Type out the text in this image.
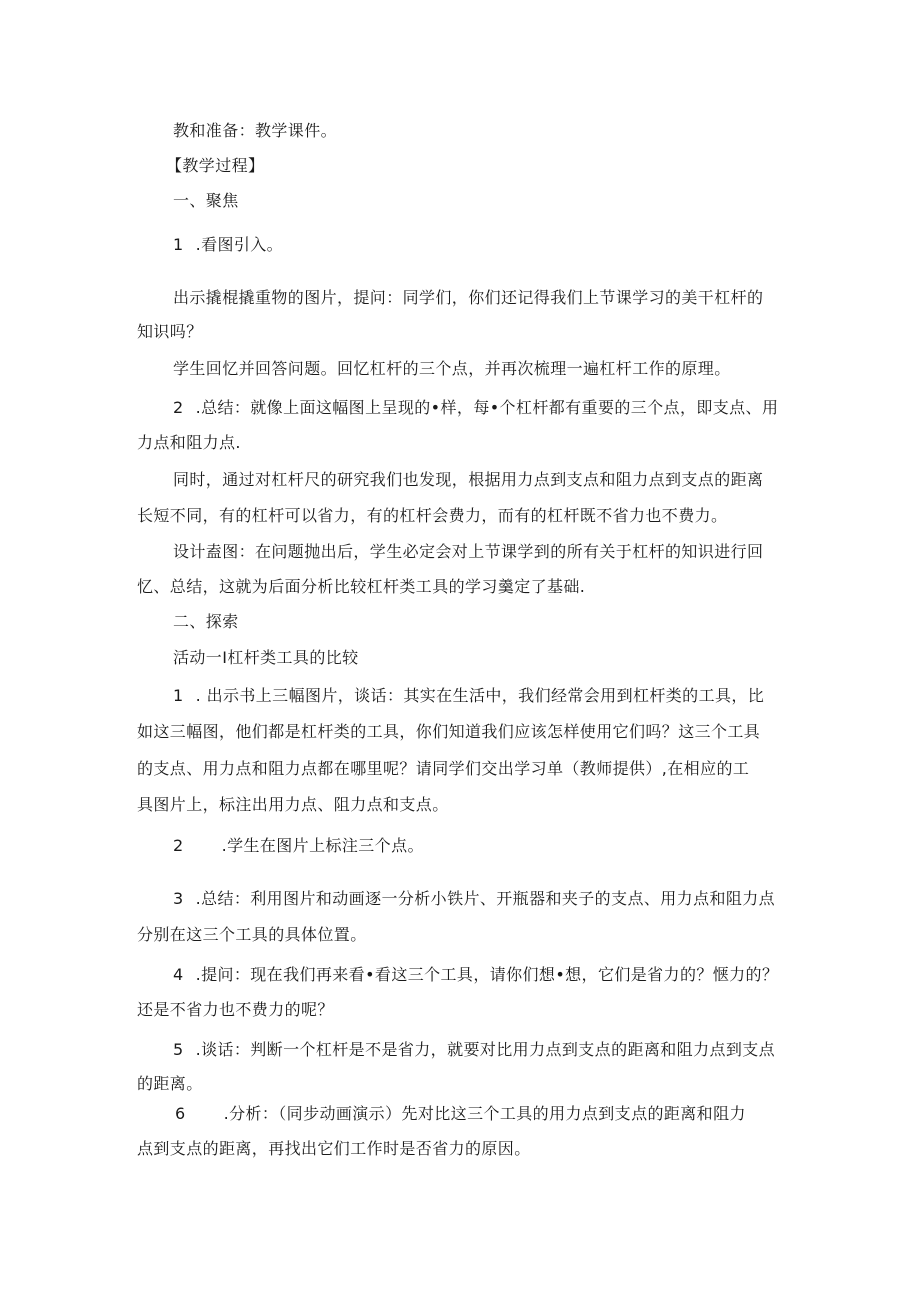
教和准备：教学课件。
【教学过程】
一、聚焦
1 .看图引入。
出示撬棍撬重物的图片，提问：同学们，你们还记得我们上节课学习的美干杠杆的
知识吗？
学生回忆并回答问题。回忆杠杆的三个点，并再次梳理一遍杠杆工作的原理。
2 .总结：就像上面这幅图上呈现的•样，每•个杠杆都有重要的三个点，即支点、用
力点和阻力点.
同时，通过对杠杆尺的研究我们也发现，根据用力点到支点和阻力点到支点的距离
长短不同，有的杠杆可以省力，有的杠杆会费力，而有的杠杆既不省力也不费力。
设计盍图：在问题抛出后，学生必定会对上节课学到的所有关于杠杆的知识进行回
忆、总结，这就为后面分析比较杠杆类工具的学习羹定了基础.
二、探索
活动一I杠杆类工具的比较
1 . 出示书上三幅图片，谈话：其实在生活中，我们经常会用到杠杆类的工具，比
如这三幅图，他们都是杠杆类的工具，你们知道我们应该怎样使用它们吗？这三个工具
的支点、用力点和阻力点都在哪里呢？请同学们交出学习单（教师提供）,在相应的工
具图片上，标注出用力点、阻力点和支点。
2 .学生在图片上标注三个点。
3 .总结：利用图片和动画逐一分析小铁片、开瓶器和夹子的支点、用力点和阻力点
分别在这三个工具的具体位置。
4 .提问：现在我们再来看•看这三个工具，请你们想•想，它们是省力的？惬力的？
还是不省力也不费力的呢？
5 .谈话：判断一个杠杆是不是省力，就要对比用力点到支点的距离和阻力点到支点
的距离。
6 .分析：（同步动画演示）先对比这三个工具的用力点到支点的距离和阻力
点到支点的距离，再找出它们工作时是否省力的原因。
